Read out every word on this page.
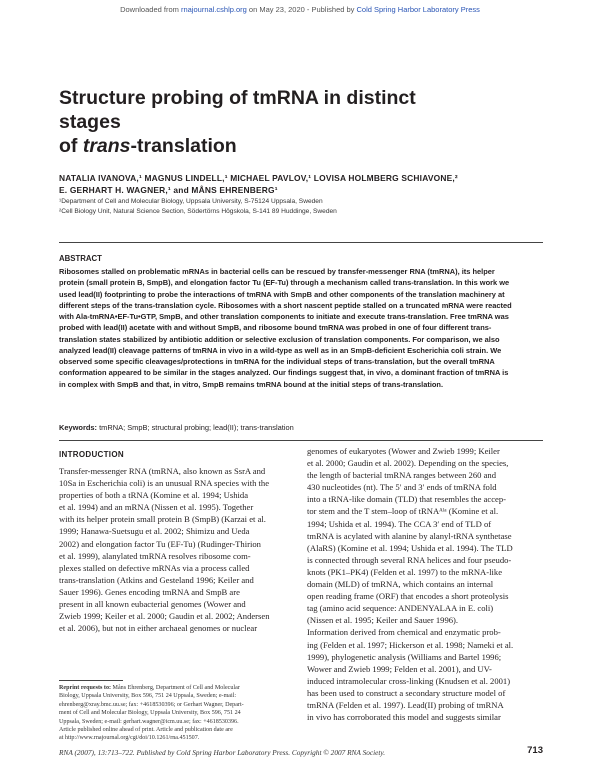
Downloaded from rnajournal.cshlp.org on May 23, 2020 - Published by Cold Spring Harbor Laboratory Press
Structure probing of tmRNA in distinct stages
of trans-translation
NATALIA IVANOVA,¹ MAGNUS LINDELL,¹ MICHAEL PAVLOV,¹ LOVISA HOLMBERG SCHIAVONE,²
E. GERHART H. WAGNER,¹ and MÅNS EHRENBERG¹
¹Department of Cell and Molecular Biology, Uppsala University, S-75124 Uppsala, Sweden
²Cell Biology Unit, Natural Science Section, Södertörns Högskola, S-141 89 Huddinge, Sweden
ABSTRACT
Ribosomes stalled on problematic mRNAs in bacterial cells can be rescued by transfer-messenger RNA (tmRNA), its helper
protein (small protein B, SmpB), and elongation factor Tu (EF-Tu) through a mechanism called trans-translation. In this work we
used lead(II) footprinting to probe the interactions of tmRNA with SmpB and other components of the translation machinery at
different steps of the trans-translation cycle. Ribosomes with a short nascent peptide stalled on a truncated mRNA were reacted
with Ala-tmRNA•EF-Tu•GTP, SmpB, and other translation components to initiate and execute trans-translation. Free tmRNA was
probed with lead(II) acetate with and without SmpB, and ribosome bound tmRNA was probed in one of four different trans-
translation states stabilized by antibiotic addition or selective exclusion of translation components. For comparison, we also
analyzed lead(II) cleavage patterns of tmRNA in vivo in a wild-type as well as in an SmpB-deficient Escherichia coli strain. We
observed some specific cleavages/protections in tmRNA for the individual steps of trans-translation, but the overall tmRNA
conformation appeared to be similar in the stages analyzed. Our findings suggest that, in vivo, a dominant fraction of tmRNA is
in complex with SmpB and that, in vitro, SmpB remains tmRNA bound at the initial steps of trans-translation.
Keywords: tmRNA; SmpB; structural probing; lead(II); trans-translation
INTRODUCTION
Transfer-messenger RNA (tmRNA, also known as SsrA and
10Sa in Escherichia coli) is an unusual RNA species with the
properties of both a tRNA (Komine et al. 1994; Ushida
et al. 1994) and an mRNA (Nissen et al. 1995). Together
with its helper protein small protein B (SmpB) (Karzai et al.
1999; Hanawa-Suetsugu et al. 2002; Shimizu and Ueda
2002) and elongation factor Tu (EF-Tu) (Rudinger-Thirion
et al. 1999), alanylated tmRNA resolves ribosome com-
plexes stalled on defective mRNAs via a process called
trans-translation (Atkins and Gesteland 1996; Keiler and
Sauer 1996). Genes encoding tmRNA and SmpB are
present in all known eubacterial genomes (Wower and
Zwieb 1999; Keiler et al. 2000; Gaudin et al. 2002; Andersen
et al. 2006), but not in either archaeal genomes or nuclear
genomes of eukaryotes (Wower and Zwieb 1999; Keiler
et al. 2000; Gaudin et al. 2002). Depending on the species,
the length of bacterial tmRNA ranges between 260 and
430 nucleotides (nt). The 5′ and 3′ ends of tmRNA fold
into a tRNA-like domain (TLD) that resembles the accep-
tor stem and the T stem–loop of tRNAᴬˡᵃ (Komine et al.
1994; Ushida et al. 1994). The CCA 3′ end of TLD of
tmRNA is acylated with alanine by alanyl-tRNA synthetase
(AlaRS) (Komine et al. 1994; Ushida et al. 1994). The TLD
is connected through several RNA helices and four pseudo-
knots (PK1–PK4) (Felden et al. 1997) to the mRNA-like
domain (MLD) of tmRNA, which contains an internal
open reading frame (ORF) that encodes a short proteolysis
tag (amino acid sequence: ANDENYALAA in E. coli)
(Nissen et al. 1995; Keiler and Sauer 1996).
Information derived from chemical and enzymatic prob-
ing (Felden et al. 1997; Hickerson et al. 1998; Nameki et al.
1999), phylogenetic analysis (Williams and Bartel 1996;
Wower and Zwieb 1999; Felden et al. 2001), and UV-
induced intramolecular cross-linking (Knudsen et al. 2001)
has been used to construct a secondary structure model of
tmRNA (Felden et al. 1997). Lead(II) probing of tmRNA
in vivo has corroborated this model and suggests similar
Reprint requests to: Måns Ehrenberg, Department of Cell and Molecular
Biology, Uppsala University, Box 596, 751 24 Uppsala, Sweden; e-mail:
ehrenberg@xray.bmc.uu.se; fax: +4618530396; or Gerhart Wagner, Depart-
ment of Cell and Molecular Biology, Uppsala University, Box 596, 751 24
Uppsala, Sweden; e-mail: gerhart.wagner@icm.uu.se; fax: +4618530396.
Article published online ahead of print. Article and publication date are
at http://www.rnajournal.org/cgi/doi/10.1261/rna.451507.
RNA (2007), 13:713–722. Published by Cold Spring Harbor Laboratory Press. Copyright © 2007 RNA Society.	713
